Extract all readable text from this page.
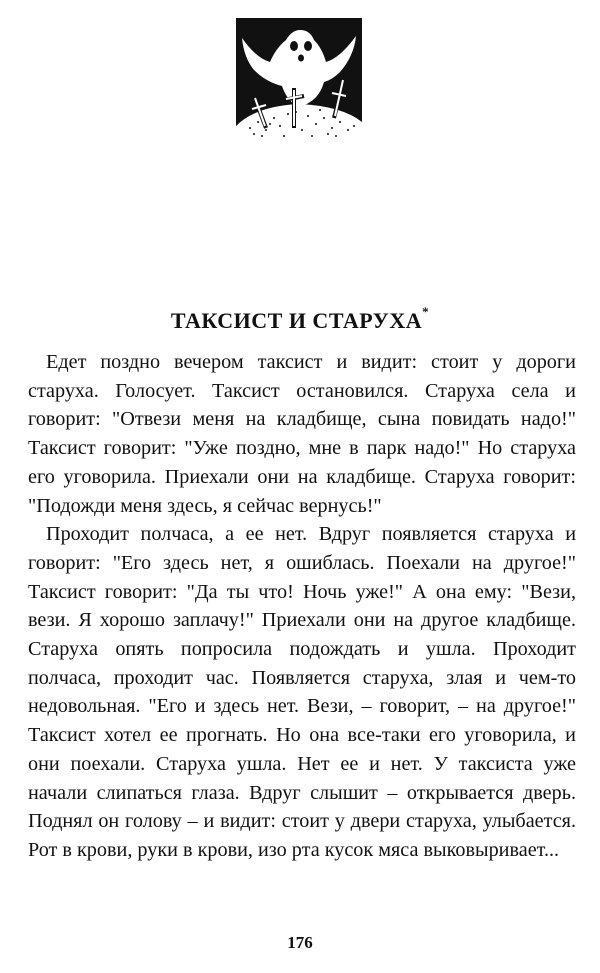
ТАКСИСТ И СТАРУХА*

Едет поздно вечером таксист и видит: стоит у дороги старуха. Голосует. Таксист остановился. Старуха села и говорит: "Отвези меня на кладбище, сына повидать надо!" Таксист говорит: "Уже поздно, мне в парк надо!" Но старуха его уговорила. Приехали они на кладбище. Старуха говорит: "Подожди меня здесь, я сейчас вернусь!"

Проходит полчаса, а ее нет. Вдруг появляется старуха и говорит: "Его здесь нет, я ошиблась. Поехали на другое!" Таксист говорит: "Да ты что! Ночь уже!" А она ему: "Вези, вези. Я хорошо заплачу!" Приехали они на другое кладбище. Старуха опять попросила подождать и ушла. Проходит полчаса, проходит час. Появляется старуха, злая и чем-то недовольная. "Его и здесь нет. Вези, – говорит, – на другое!" Таксист хотел ее прогнать. Но она все-таки его уговорила, и они поехали. Старуха ушла. Нет ее и нет. У таксиста уже начали слипаться глаза. Вдруг слышит – открывается дверь. Поднял он голову – и видит: стоит у двери старуха, улыбается. Рот в крови, руки в крови, изо рта кусок мяса выковыривает...

176
